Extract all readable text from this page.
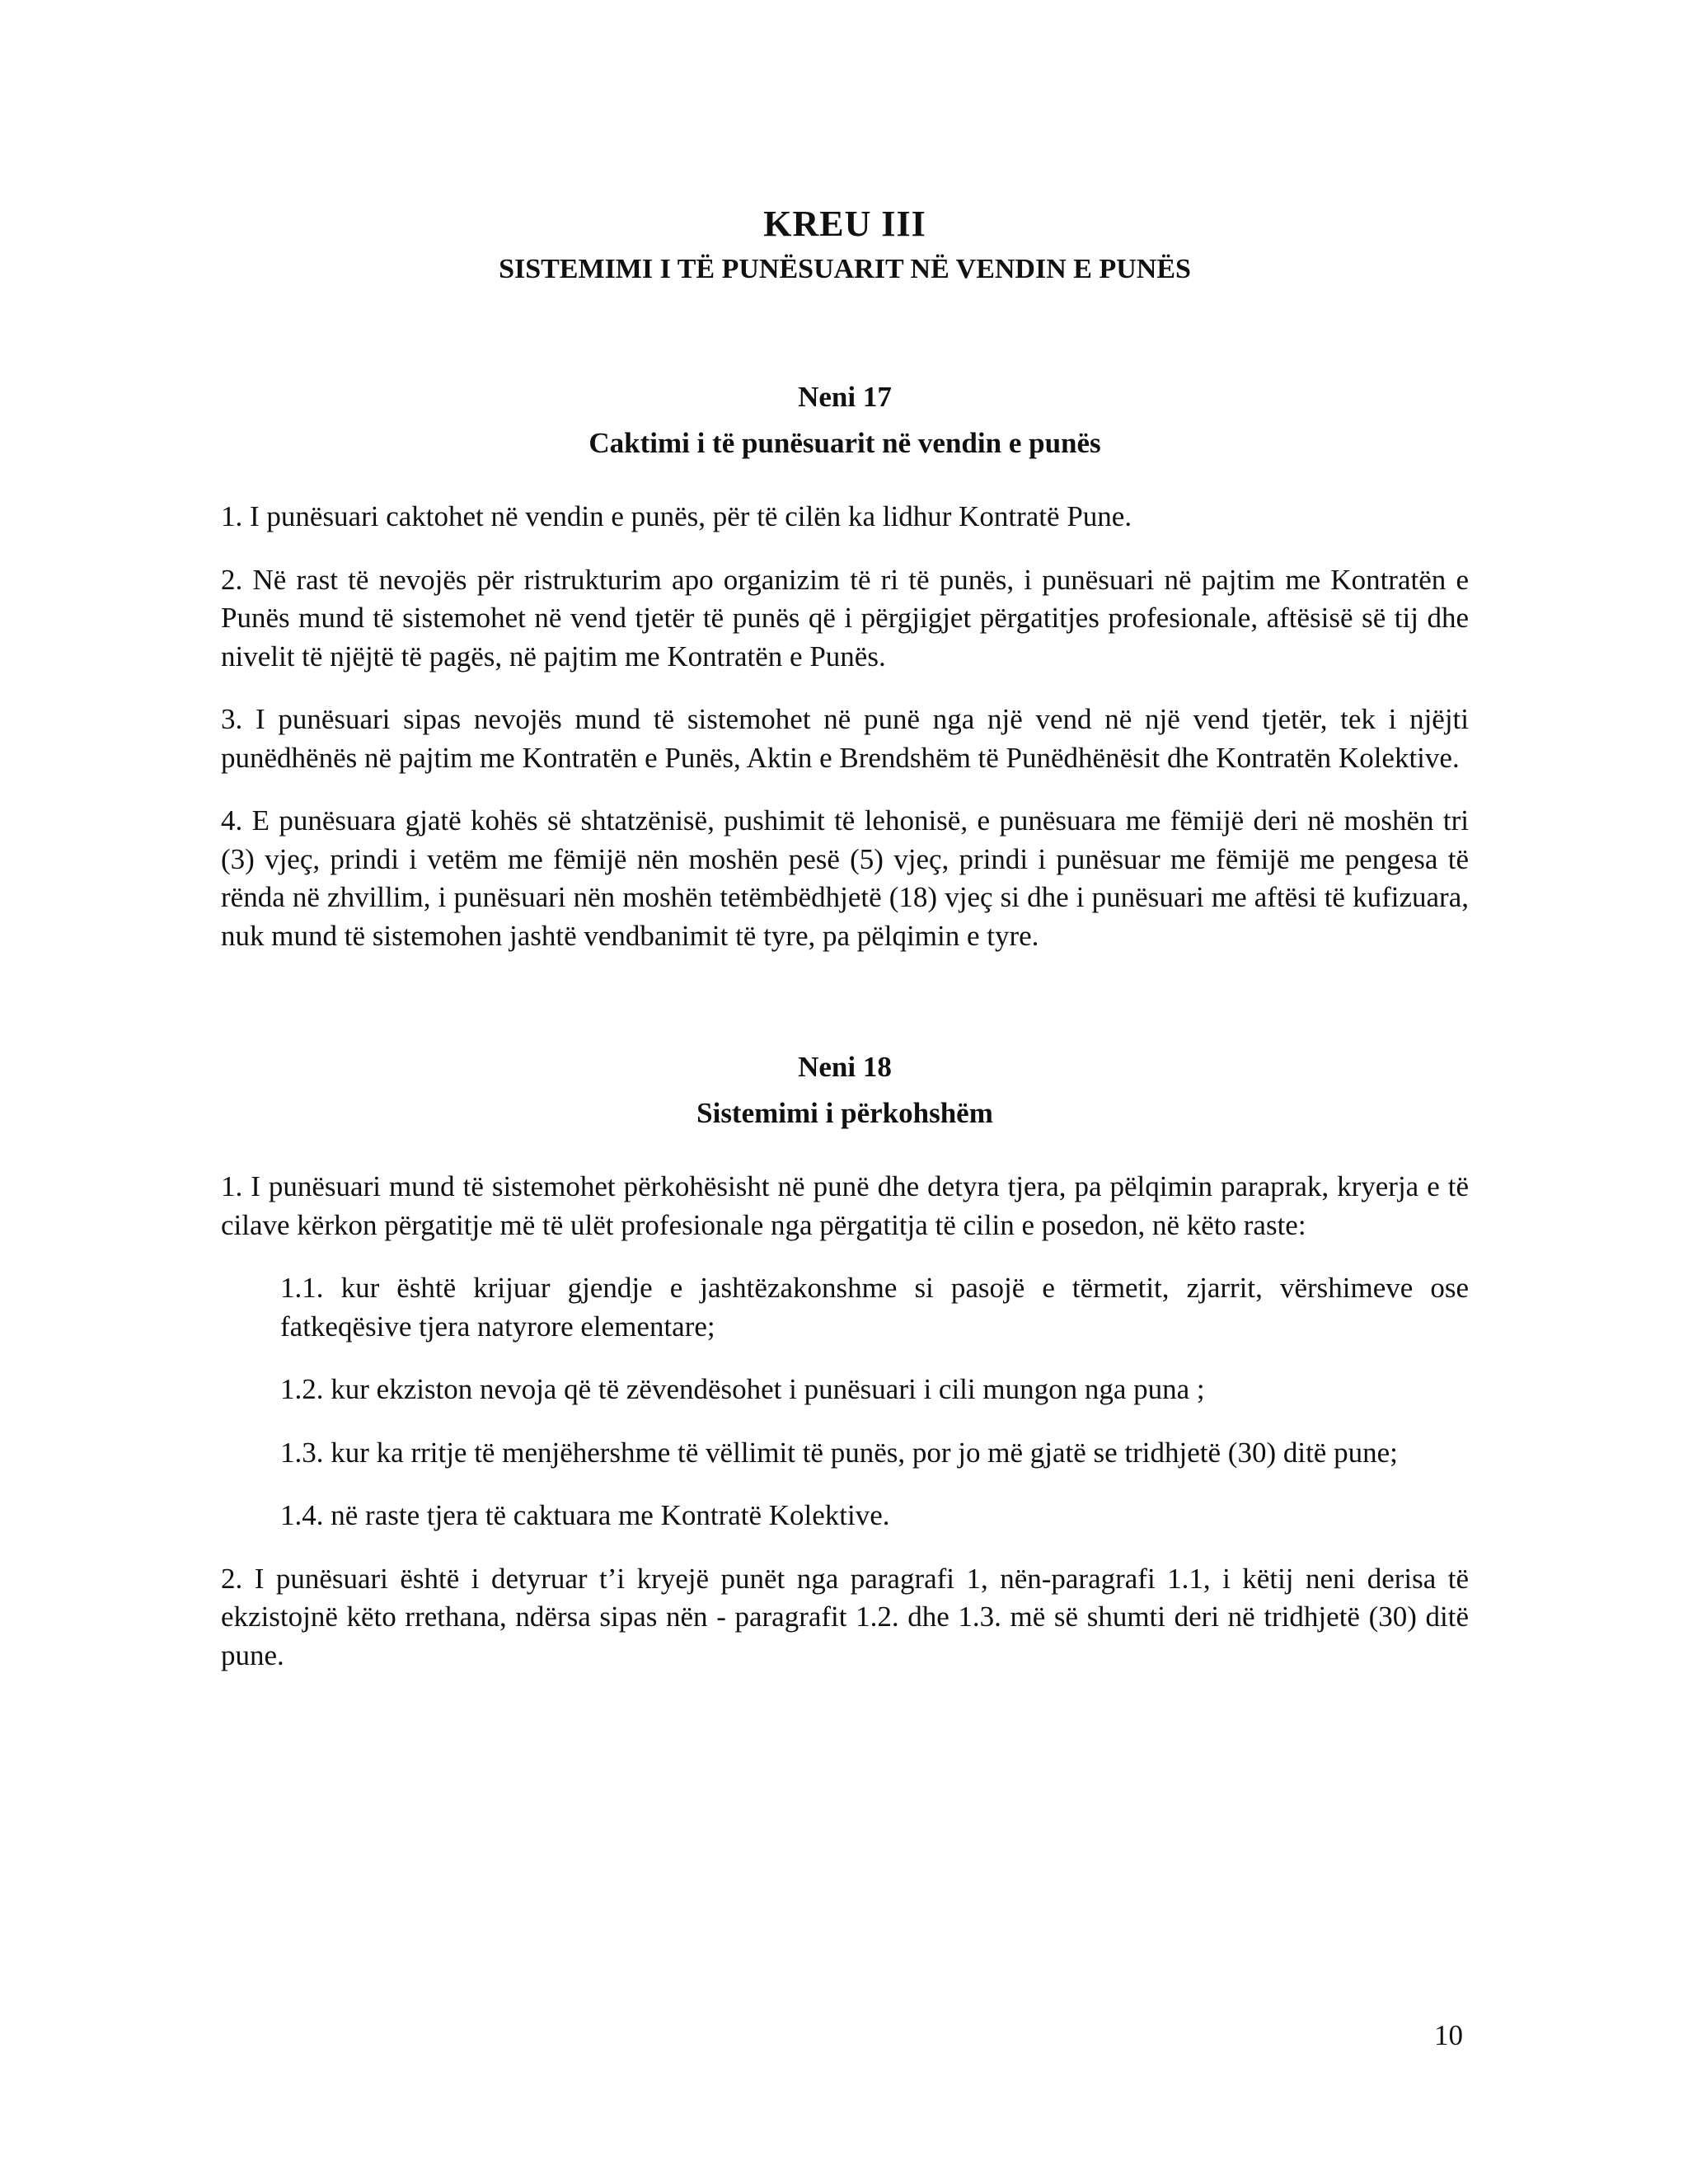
KREU III
SISTEMIMI I TË PUNËSUARIT NË VENDIN E PUNËS
Neni 17
Caktimi i të punësuarit në vendin e punës

1. I punësuari caktohet në vendin e punës, për të cilën ka lidhur Kontratë Pune.

2. Në rast të nevojës për ristrukturim apo organizim të ri të punës, i punësuari në pajtim me Kontratën e Punës mund të sistemohet në vend tjetër të punës që i përgjigjet përgatitjes profesionale, aftësisë së tij dhe nivelit të njëjtë të pagës, në pajtim me Kontratën e Punës.

3. I punësuari sipas nevojës mund të sistemohet në punë nga një vend në një vend tjetër, tek i njëjti punëdhënës në pajtim me Kontratën e Punës, Aktin e Brendshëm të Punëdhënësit dhe Kontratën Kolektive.

4. E punësuara gjatë kohës së shtatzënisë, pushimit të lehonisë, e punësuara me fëmijë deri në moshën tri (3) vjeç, prindi i vetëm me fëmijë nën moshën pesë (5) vjeç, prindi i punësuar me fëmijë me pengesa të rënda në zhvillim, i punësuari nën moshën tetëmbëdhjetë (18) vjeç si dhe i punësuari me aftësi të kufizuara, nuk mund të sistemohen jashtë vendbanimit të tyre, pa pëlqimin e tyre.

Neni 18
Sistemimi i përkohshëm

1. I punësuari mund të sistemohet përkohësisht në punë dhe detyra tjera, pa pëlqimin paraprak, kryerja e të cilave kërkon përgatitje më të ulët profesionale nga përgatitja të cilin e posedon, në këto raste:

1.1. kur është krijuar gjendje e jashtëzakonshme si pasojë e tërmetit, zjarrit, vërshimeve ose fatkeqësive tjera natyrore elementare;

1.2. kur ekziston nevoja që të zëvendësohet i punësuari i cili mungon nga puna ;

1.3. kur ka rritje të menjëhershme të vëllimit të punës, por jo më gjatë se tridhjetë (30) ditë pune;

1.4. në raste tjera të caktuara me Kontratë Kolektive.

2. I punësuari është i detyruar t’i kryejë punët nga paragrafi 1, nën-paragrafi 1.1, i këtij neni derisa të ekzistojnë këto rrethana, ndërsa sipas nën - paragrafit 1.2. dhe 1.3. më së shumti deri në tridhjetë (30) ditë pune.

10
